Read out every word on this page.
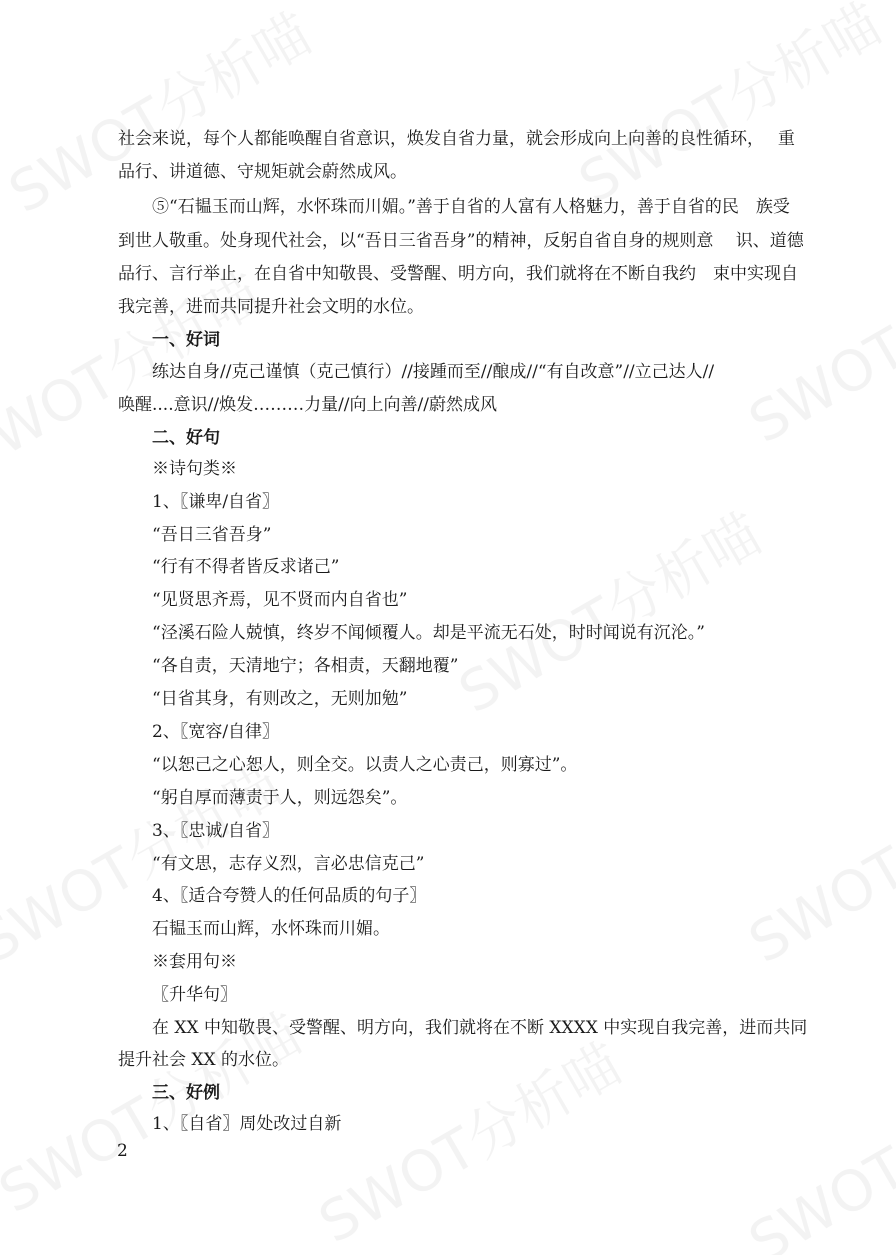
社会来说，每个人都能唤醒自省意识，焕发自省力量，就会形成向上向善的良性循环，　 重
品行、讲道德、守规矩就会蔚然成风。
⑤“石韫玉而山辉，水怀珠而川媚。”善于自省的人富有人格魅力，善于自省的民　族受
到世人敬重。处身现代社会，以“吾日三省吾身”的精神，反躬自省自身的规则意　 识、道德
品行、言行举止，在自省中知敬畏、受警醒、明方向，我们就将在不断自我约　束中实现自
我完善，进而共同提升社会文明的水位。
一、好词
练达自身//克己谨慎（克己慎行）//接踵而至//酿成//“有自改意”//立己达人//
唤醒....意识//焕发………力量//向上向善//蔚然成风
二、好句
※诗句类※
1、〖谦卑/自省〗
“吾日三省吾身”
“行有不得者皆反求诸己”
“见贤思齐焉，见不贤而内自省也”
“泾溪石险人兢慎，终岁不闻倾覆人。却是平流无石处，时时闻说有沉沦。”
“各自责，天清地宁；各相责，天翻地覆”
“日省其身，有则改之，无则加勉”
2、〖宽容/自律〗
“以恕己之心恕人，则全交。以责人之心责己，则寡过”。
“躬自厚而薄责于人，则远怨矣”。
3、〖忠诚/自省〗
“有文思，志存义烈，言必忠信克己”
4、〖适合夸赞人的任何品质的句子〗
石韫玉而山辉，水怀珠而川媚。
※套用句※
〖升华句〗
在 XX 中知敬畏、受警醒、明方向，我们就将在不断 XXXX 中实现自我完善，进而共同
提升社会 XX 的水位。
三、好例
1、〖自省〗周处改过自新
2
